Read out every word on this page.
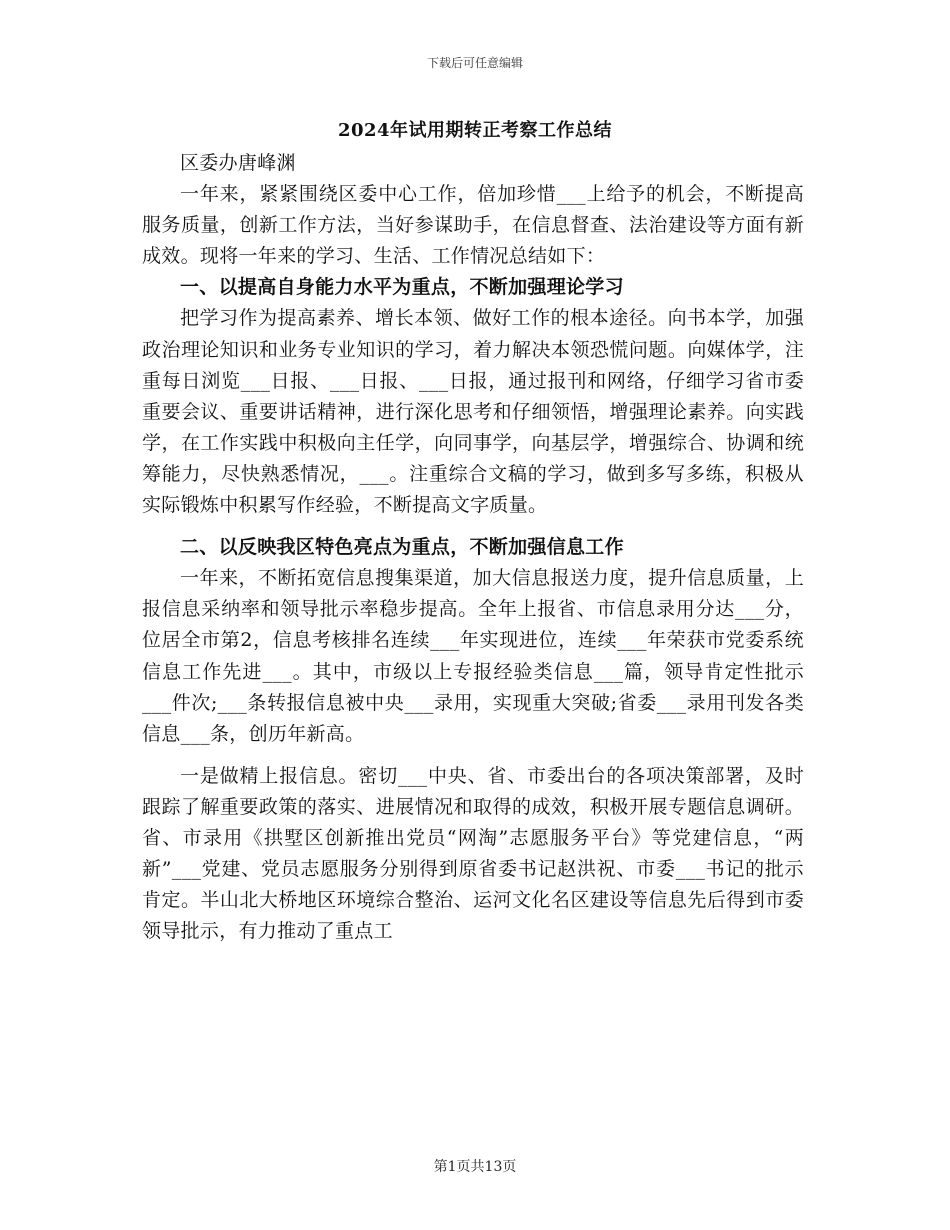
下载后可任意编辑
2024年试用期转正考察工作总结

区委办唐峰渊

一年来，紧紧围绕区委中心工作，倍加珍惜___上给予的机会，不断提高服务质量，创新工作方法，当好参谋助手，在信息督查、法治建设等方面有新成效。现将一年来的学习、生活、工作情况总结如下：

一、以提高自身能力水平为重点，不断加强理论学习

把学习作为提高素养、增长本领、做好工作的根本途径。向书本学，加强政治理论知识和业务专业知识的学习，着力解决本领恐慌问题。向媒体学，注重每日浏览___日报、___日报、___日报，通过报刊和网络，仔细学习省市委重要会议、重要讲话精神，进行深化思考和仔细领悟，增强理论素养。向实践学，在工作实践中积极向主任学，向同事学，向基层学，增强综合、协调和统筹能力，尽快熟悉情况，___。注重综合文稿的学习，做到多写多练，积极从实际锻炼中积累写作经验，不断提高文字质量。

二、以反映我区特色亮点为重点，不断加强信息工作

一年来，不断拓宽信息搜集渠道，加大信息报送力度，提升信息质量，上报信息采纳率和领导批示率稳步提高。全年上报省、市信息录用分达___分，位居全市第2，信息考核排名连续___年实现进位，连续___年荣获市党委系统信息工作先进___。其中，市级以上专报经验类信息___篇，领导肯定性批示___件次;___条转报信息被中央___录用，实现重大突破;省委___录用刊发各类信息___条，创历年新高。

一是做精上报信息。密切___中央、省、市委出台的各项决策部署，及时跟踪了解重要政策的落实、进展情况和取得的成效，积极开展专题信息调研。省、市录用《拱墅区创新推出党员“网淘”志愿服务平台》等党建信息，“两新”___党建、党员志愿服务分别得到原省委书记赵洪祝、市委___书记的批示肯定。半山北大桥地区环境综合整治、运河文化名区建设等信息先后得到市委领导批示，有力推动了重点工

第1页共13页
